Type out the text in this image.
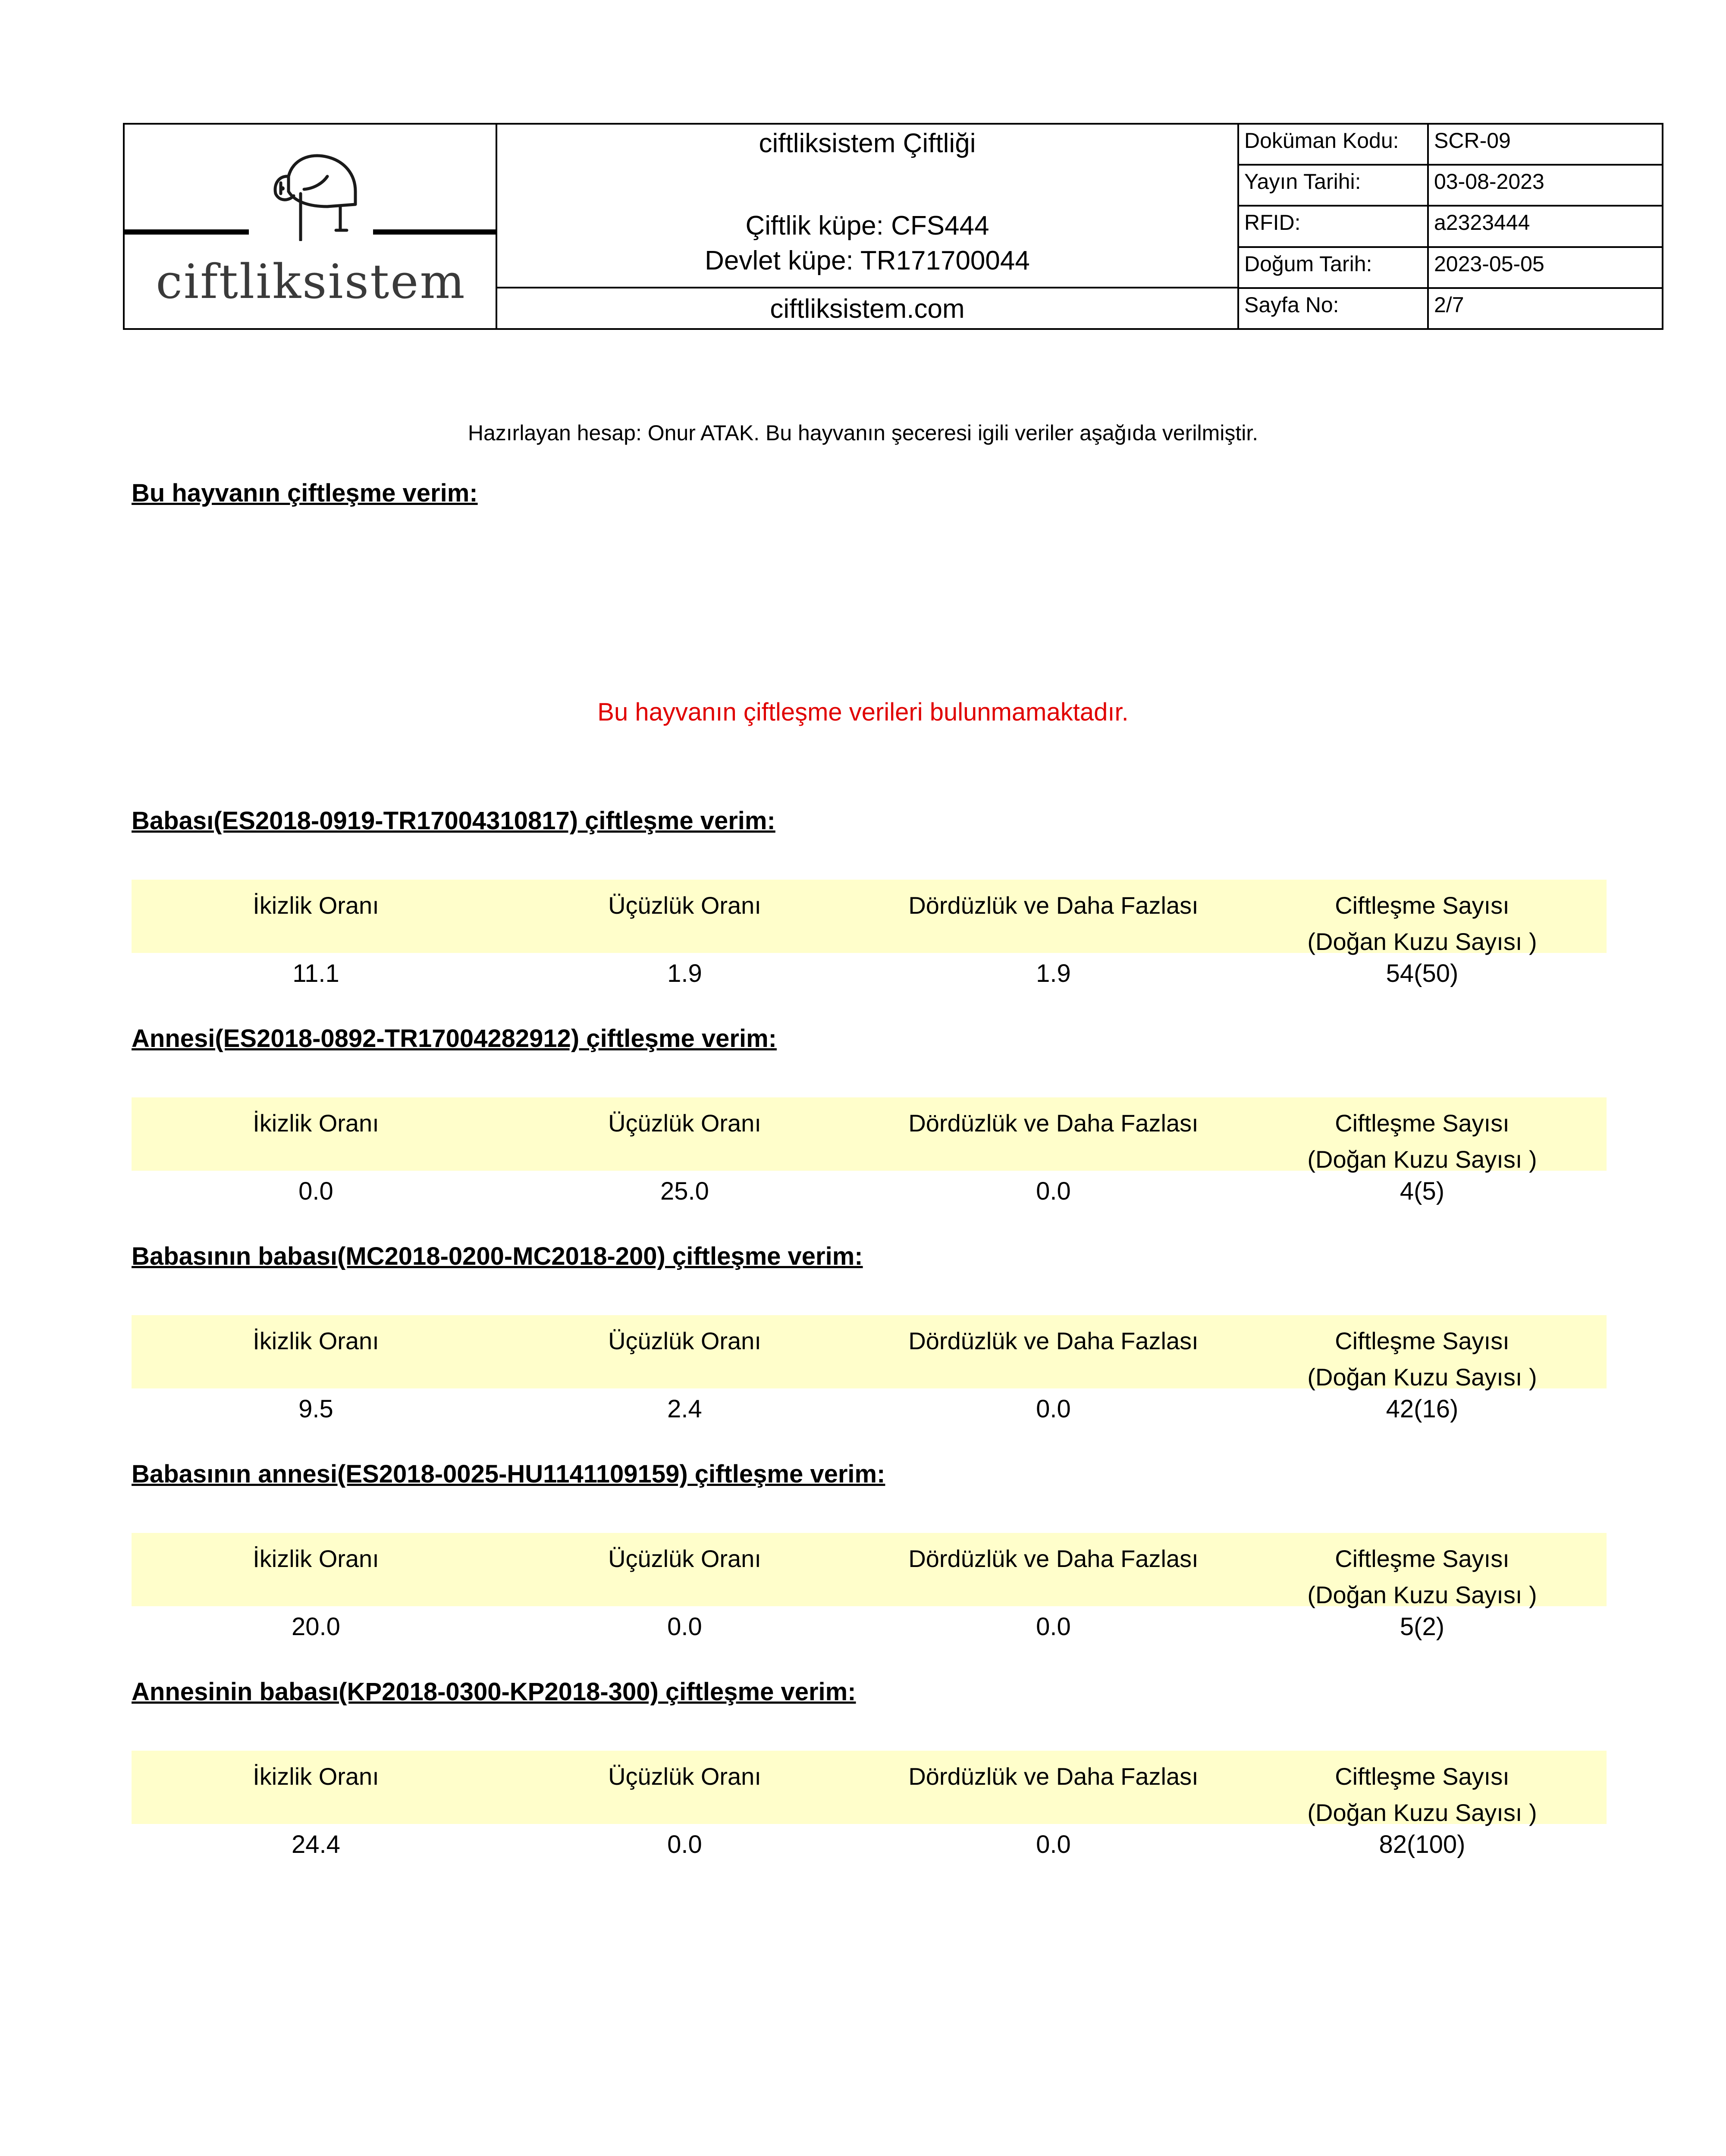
ciftliksistem
ciftliksistem Çiftliği
Çiftlik küpe: CFS444
Devlet küpe: TR171700044
ciftliksistem.com
Doküman Kodu:	SCR-09
Yayın Tarihi:	03-08-2023
RFID:	a2323444
Doğum Tarih:	2023-05-05
Sayfa No:	2/7
Hazırlayan hesap: Onur ATAK. Bu hayvanın şeceresi igili veriler aşağıda verilmiştir.
Bu hayvanın çiftleşme verim:
Bu hayvanın çiftleşme verileri bulunmamaktadır.
Babası(ES2018-0919-TR17004310817) çiftleşme verim:
İkizlik Oranı	Üçüzlük Oranı	Dördüzlük ve Daha Fazlası	Ciftleşme Sayısı
(Doğan Kuzu Sayısı )
11.1	1.9	1.9	54(50)
Annesi(ES2018-0892-TR17004282912) çiftleşme verim:
İkizlik Oranı	Üçüzlük Oranı	Dördüzlük ve Daha Fazlası	Ciftleşme Sayısı
(Doğan Kuzu Sayısı )
0.0	25.0	0.0	4(5)
Babasının babası(MC2018-0200-MC2018-200) çiftleşme verim:
İkizlik Oranı	Üçüzlük Oranı	Dördüzlük ve Daha Fazlası	Ciftleşme Sayısı
(Doğan Kuzu Sayısı )
9.5	2.4	0.0	42(16)
Babasının annesi(ES2018-0025-HU1141109159) çiftleşme verim:
İkizlik Oranı	Üçüzlük Oranı	Dördüzlük ve Daha Fazlası	Ciftleşme Sayısı
(Doğan Kuzu Sayısı )
20.0	0.0	0.0	5(2)
Annesinin babası(KP2018-0300-KP2018-300) çiftleşme verim:
İkizlik Oranı	Üçüzlük Oranı	Dördüzlük ve Daha Fazlası	Ciftleşme Sayısı
(Doğan Kuzu Sayısı )
24.4	0.0	0.0	82(100)
